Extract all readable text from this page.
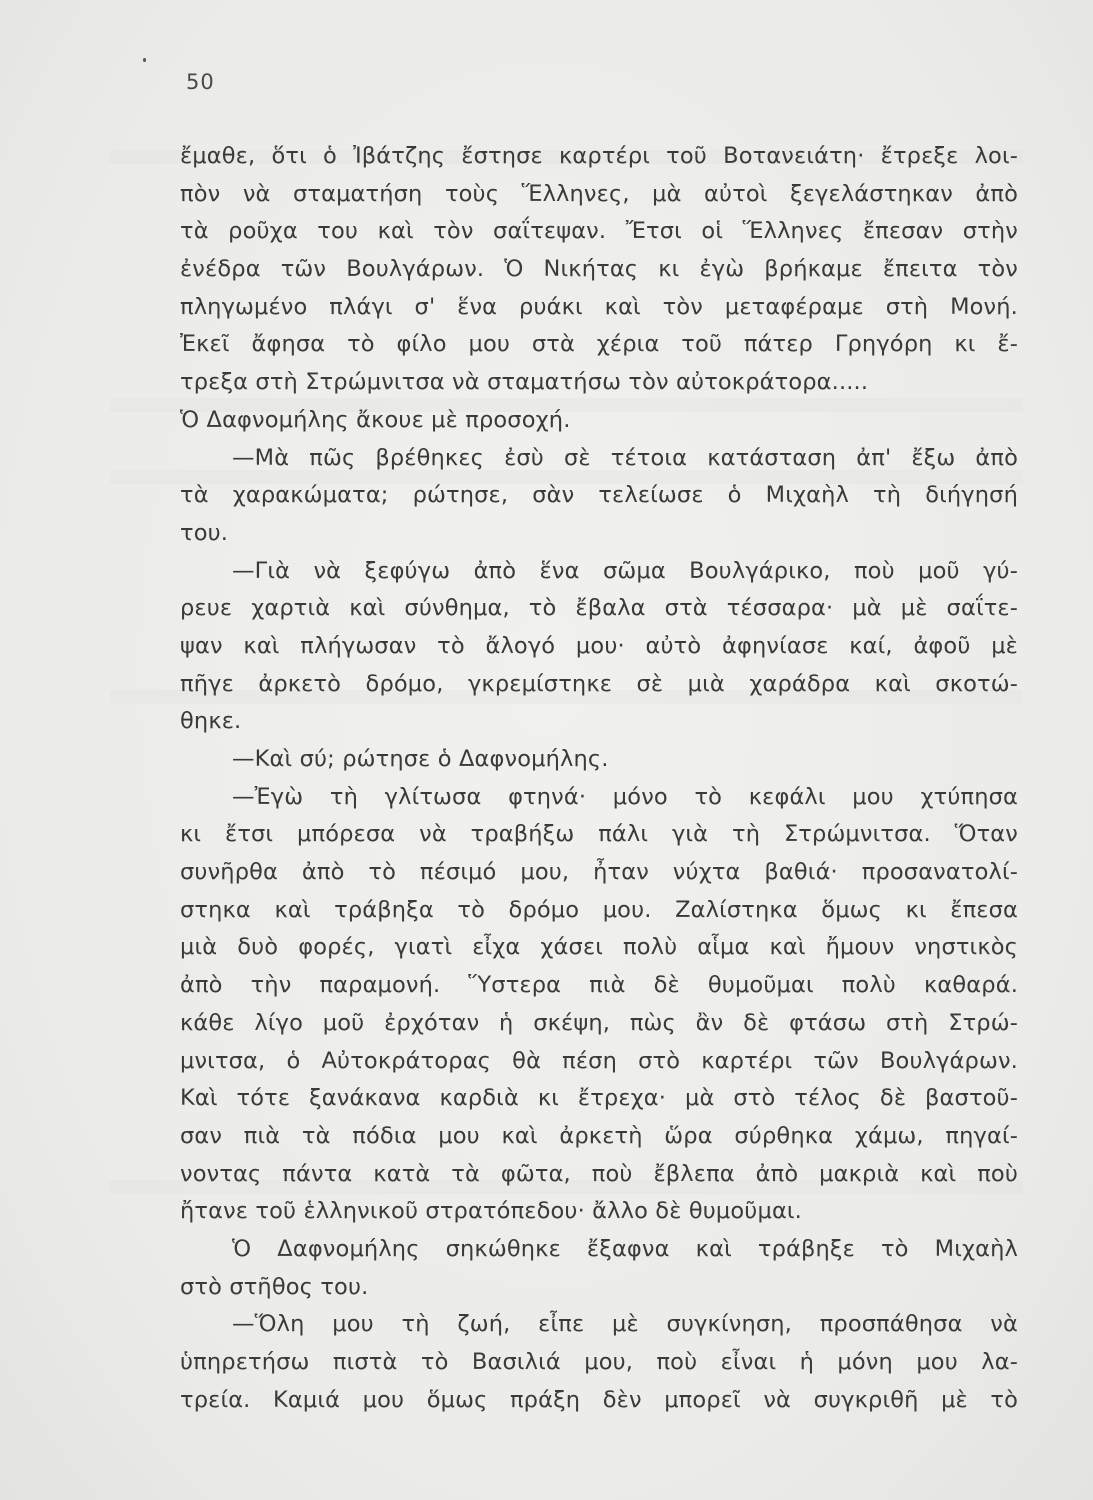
50
ἔμαθε, ὅτι ὁ Ἰβάτζης ἔστησε καρτέρι τοῦ Βοτανειάτη· ἔτρεξε λοι-
πὸν νὰ σταματήση τοὺς Ἕλληνες, μὰ αὐτοὶ ξεγελάστηκαν ἀπὸ
τὰ ροῦχα του καὶ τὸν σαΐτεψαν. Ἔτσι οἱ Ἕλληνες ἔπεσαν στὴν
ἐνέδρα τῶν Βουλγάρων. Ὁ Νικήτας κι ἐγὼ βρήκαμε ἔπειτα τὸν
πληγωμένο πλάγι σ' ἕνα ρυάκι καὶ τὸν μεταφέραμε στὴ Μονή.
Ἐκεῖ ἄφησα τὸ φίλο μου στὰ χέρια τοῦ πάτερ Γρηγόρη κι ἔ-
τρεξα στὴ Στρώμνιτσα νὰ σταματήσω τὸν αὐτοκράτορα.....
Ὁ Δαφνομήλης ἄκουε μὲ προσοχή.
—Μὰ πῶς βρέθηκες ἐσὺ σὲ τέτοια κατάσταση ἀπ' ἔξω ἀπὸ
τὰ χαρακώματα; ρώτησε, σὰν τελείωσε ὁ Μιχαὴλ τὴ διήγησή
του.
—Γιὰ νὰ ξεφύγω ἀπὸ ἕνα σῶμα Βουλγάρικο, ποὺ μοῦ γύ-
ρευε χαρτιὰ καὶ σύνθημα, τὸ ἔβαλα στὰ τέσσαρα· μὰ μὲ σαΐτε-
ψαν καὶ πλήγωσαν τὸ ἄλογό μου· αὐτὸ ἀφηνίασε καί, ἀφοῦ μὲ
πῆγε ἀρκετὸ δρόμο, γκρεμίστηκε σὲ μιὰ χαράδρα καὶ σκοτώ-
θηκε.
—Καὶ σύ; ρώτησε ὁ Δαφνομήλης.
—Ἐγὼ τὴ γλίτωσα φτηνά· μόνο τὸ κεφάλι μου χτύπησα
κι ἔτσι μπόρεσα νὰ τραβήξω πάλι γιὰ τὴ Στρώμνιτσα. Ὅταν
συνῆρθα ἀπὸ τὸ πέσιμό μου, ἦταν νύχτα βαθιά· προσανατολί-
στηκα καὶ τράβηξα τὸ δρόμο μου. Ζαλίστηκα ὅμως κι ἔπεσα
μιὰ δυὸ φορές, γιατὶ εἶχα χάσει πολὺ αἷμα καὶ ἤμουν νηστικὸς
ἀπὸ τὴν παραμονή. Ὕστερα πιὰ δὲ θυμοῦμαι πολὺ καθαρά.
κάθε λίγο μοῦ ἐρχόταν ἡ σκέψη, πὼς ἂν δὲ φτάσω στὴ Στρώ-
μνιτσα, ὁ Αὐτοκράτορας θὰ πέση στὸ καρτέρι τῶν Βουλγάρων.
Καὶ τότε ξανάκανα καρδιὰ κι ἔτρεχα· μὰ στὸ τέλος δὲ βαστοῦ-
σαν πιὰ τὰ πόδια μου καὶ ἀρκετὴ ὥρα σύρθηκα χάμω, πηγαί-
νοντας πάντα κατὰ τὰ φῶτα, ποὺ ἔβλεπα ἀπὸ μακριὰ καὶ ποὺ
ἤτανε τοῦ ἑλληνικοῦ στρατόπεδου· ἄλλο δὲ θυμοῦμαι.
Ὁ Δαφνομήλης σηκώθηκε ἔξαφνα καὶ τράβηξε τὸ Μιχαὴλ
στὸ στῆθος του.
—Ὅλη μου τὴ ζωή, εἶπε μὲ συγκίνηση, προσπάθησα νὰ
ὑπηρετήσω πιστὰ τὸ Βασιλιά μου, ποὺ εἶναι ἡ μόνη μου λα-
τρεία. Καμιά μου ὅμως πράξη δὲν μπορεῖ νὰ συγκριθῆ μὲ τὸ
